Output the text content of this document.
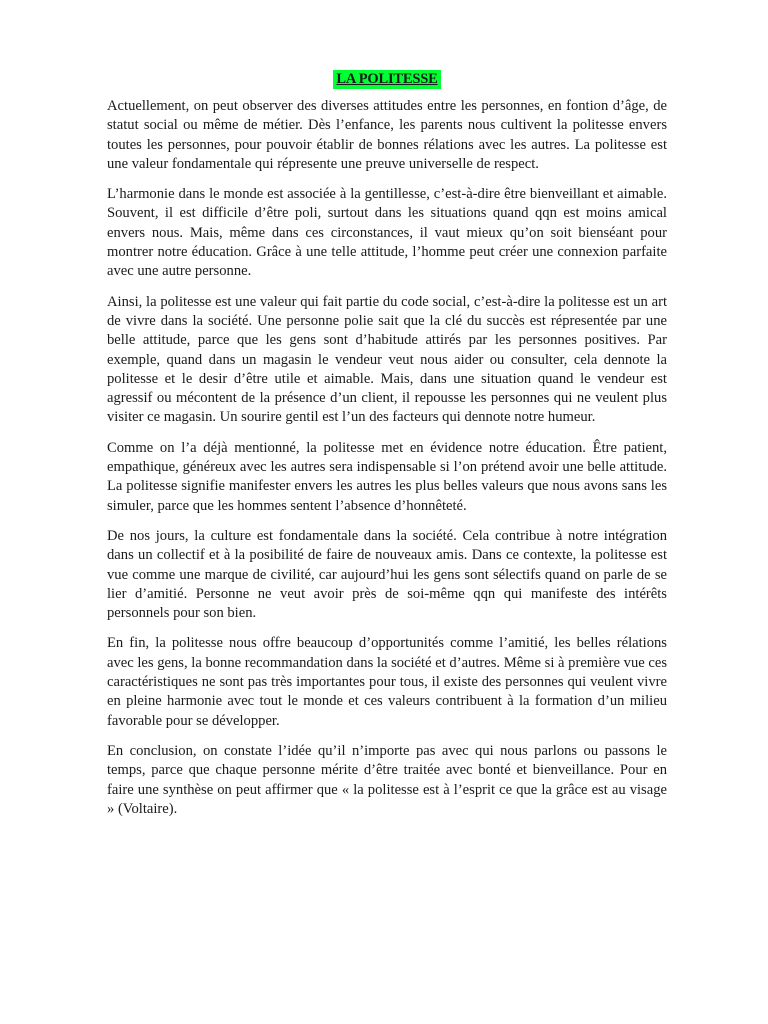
LA POLITESSE

Actuellement, on peut observer des diverses attitudes entre les personnes, en fontion d’âge, de statut social ou même de métier. Dès l’enfance, les parents nous cultivent la politesse envers toutes les personnes, pour pouvoir établir de bonnes rélations avec les autres. La politesse est une valeur fondamentale qui répresente une preuve universelle de respect.

L’harmonie dans le monde est associée à la gentillesse, c’est-à-dire être bienveillant et aimable. Souvent, il est difficile d’être poli, surtout dans les situations quand qqn est moins amical envers nous. Mais, même dans ces circonstances, il vaut mieux qu’on soit bienséant pour montrer notre éducation. Grâce à une telle attitude, l’homme peut créer une connexion parfaite avec une autre personne.

Ainsi, la politesse est une valeur qui fait partie du code social, c’est-à-dire la politesse est un art de vivre dans la société. Une personne polie sait que la clé du succès est répresentée par une belle attitude, parce que les gens sont d’habitude attirés par les personnes positives. Par exemple, quand dans un magasin le vendeur veut nous aider ou consulter, cela dennote la politesse et le desir d’être utile et aimable. Mais, dans une situation quand le vendeur est agressif ou mécontent de la présence d’un client, il repousse les personnes qui ne veulent plus visiter ce magasin. Un sourire gentil est l’un des facteurs qui dennote notre humeur.

Comme on l’a déjà mentionné, la politesse met en évidence notre éducation. Être patient, empathique, généreux avec les autres sera indispensable si l’on prétend avoir une belle attitude. La politesse signifie manifester envers les autres les plus belles valeurs que nous avons sans les simuler, parce que les hommes sentent l’absence d’honnêteté.

De nos jours, la culture est fondamentale dans la société. Cela contribue à notre intégration dans un collectif et à la posibilité de faire de nouveaux amis. Dans ce contexte, la politesse est vue comme une marque de civilité, car aujourd’hui les gens sont sélectifs quand on parle de se lier d’amitié. Personne ne veut avoir près de soi-même qqn qui manifeste des intérêts personnels pour son bien.

En fin, la politesse nous offre beaucoup d’opportunités comme l’amitié, les belles rélations avec les gens, la bonne recommandation dans la société et d’autres. Même si à première vue ces caractéristiques ne sont pas très importantes pour tous, il existe des personnes qui veulent vivre en pleine harmonie avec tout le monde et ces valeurs contribuent à la formation d’un milieu favorable pour se développer.

En conclusion, on constate l’idée qu’il n’importe pas avec qui nous parlons ou passons le temps, parce que chaque personne mérite d’être traitée avec bonté et bienveillance. Pour en faire une synthèse on peut affirmer que « la politesse est à l’esprit ce que la grâce est au visage » (Voltaire).
